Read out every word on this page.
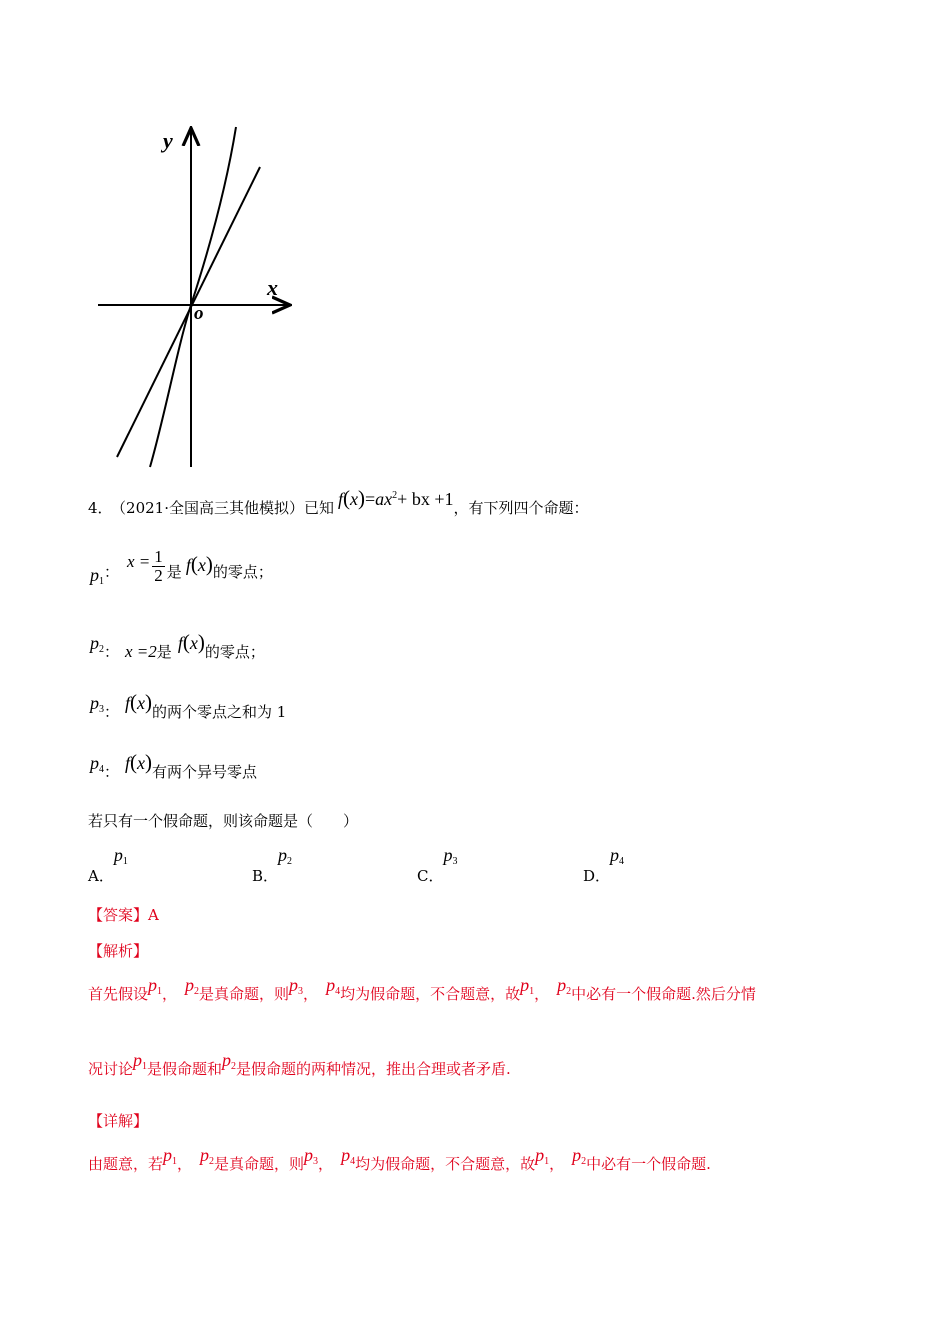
y
x
o
4． （2021·全国高三其他模拟）已知 $f(x)=ax^2+$ bx +1，有下列四个命题：
$p_1$：$x = \frac{1}{2}$ 是 f(x)的零点；
$p_2$： x =2是 f(x)的零点；
$p_3$： f(x)的两个零点之和为 1
$p_4$： f(x)有两个异号零点
若只有一个假命题，则该命题是（　　）
A．$p_1$
B．$p_2$
C．$p_3$
D．$p_4$
【答案】A
【解析】
首先假设$p_1$， $p_2$是真命题，则$p_3$， $p_4$均为假命题，不合题意，故$p_1$， $p_2$中必有一个假命题.然后分情
况讨论$p_1$是假命题和$p_2$是假命题的两种情况，推出合理或者矛盾.
【详解】
由题意，若$p_1$， $p_2$是真命题，则$p_3$， $p_4$均为假命题，不合题意，故$p_1$， $p_2$中必有一个假命题.
